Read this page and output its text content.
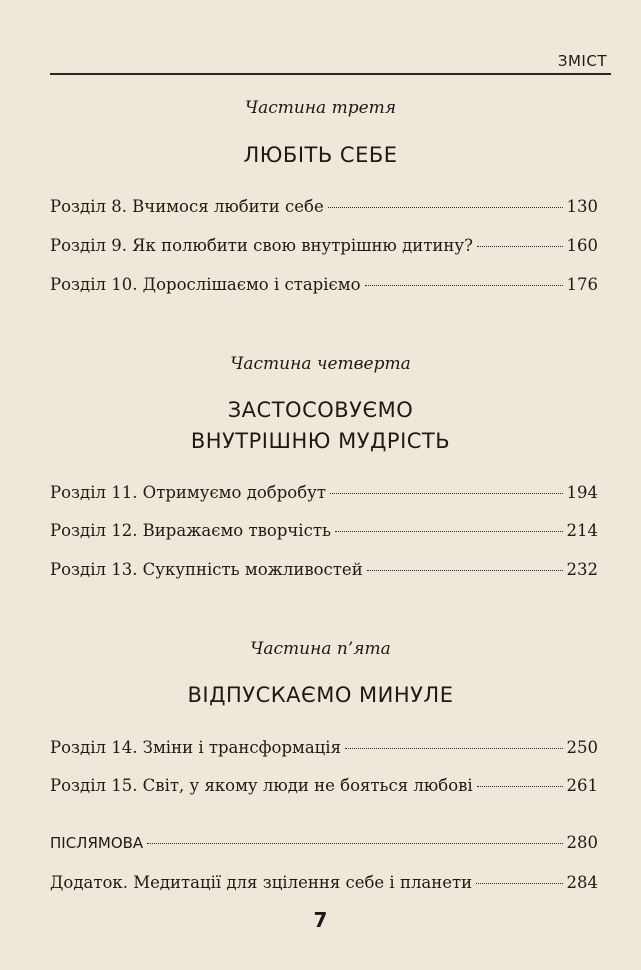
ЗМІСТ
Частина третя
ЛЮБІТЬ СЕБЕ
Розділ 8. Вчимося любити себе	130
Розділ 9. Як полюбити свою внутрішню дитину?	160
Розділ 10. Дорослішаємо і старіємо	176
Частина четверта
ЗАСТОСОВУЄМО
ВНУТРІШНЮ МУДРІСТЬ
Розділ 11. Отримуємо добробут	194
Розділ 12. Виражаємо творчість	214
Розділ 13. Сукупність можливостей	232
Частина п’ята
ВІДПУСКАЄМО МИНУЛЕ
Розділ 14. Зміни і трансформація	250
Розділ 15. Світ, у якому люди не бояться любові	261
ПІСЛЯМОВА	280
Додаток. Медитації для зцілення себе і планети	284
7
